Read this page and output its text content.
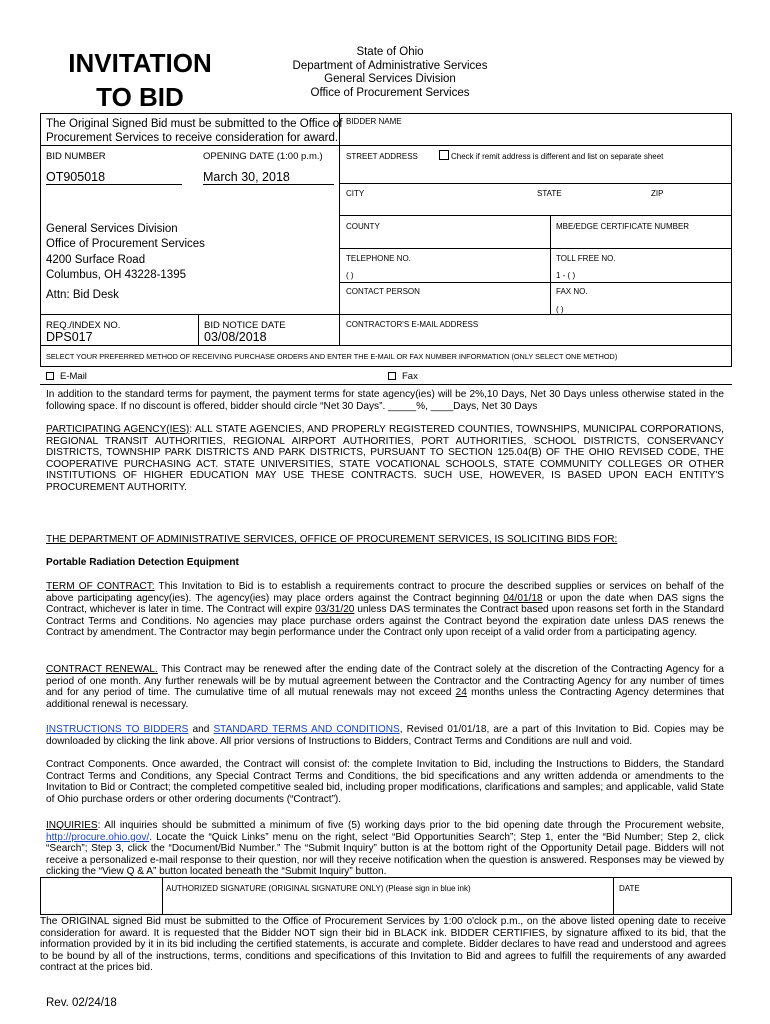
INVITATION
TO BID
State of Ohio
Department of Administrative Services
General Services Division
Office of Procurement Services
The Original Signed Bid must be submitted to the Office of
Procurement Services to receive consideration for award.
BID NUMBER	OPENING DATE (1:00 p.m.)
OT905018	March 30, 2018
General Services Division
Office of Procurement Services
4200 Surface Road
Columbus, OH 43228-1395
Attn: Bid Desk
REQ./INDEX NO.
DPS017
BID NOTICE DATE
03/08/2018
BIDDER NAME
STREET ADDRESS	Check if remit address is different and list on separate sheet
CITY	STATE	ZIP
COUNTY	MBE/EDGE CERTIFICATE NUMBER
TELEPHONE NO.
( )
TOLL FREE NO.
1 - ( )
CONTACT PERSON	FAX NO.
( )
CONTRACTOR'S E-MAIL ADDRESS
SELECT YOUR PREFERRED METHOD OF RECEIVING PURCHASE ORDERS AND ENTER THE E-MAIL OR FAX NUMBER INFORMATION (ONLY SELECT ONE METHOD)
E-Mail	Fax
In addition to the standard terms for payment, the payment terms for state agency(ies) will be 2%,10 Days, Net 30 Days unless otherwise stated in the following space. If no discount is offered, bidder should circle “Net 30 Days”. _____%, ____Days, Net 30 Days
PARTICIPATING AGENCY(IES): ALL STATE AGENCIES, AND PROPERLY REGISTERED COUNTIES, TOWNSHIPS, MUNICIPAL CORPORATIONS, REGIONAL TRANSIT AUTHORITIES, REGIONAL AIRPORT AUTHORITIES, PORT AUTHORITIES, SCHOOL DISTRICTS, CONSERVANCY DISTRICTS, TOWNSHIP PARK DISTRICTS AND PARK DISTRICTS, PURSUANT TO SECTION 125.04(B) OF THE OHIO REVISED CODE, THE COOPERATIVE PURCHASING ACT. STATE UNIVERSITIES, STATE VOCATIONAL SCHOOLS, STATE COMMUNITY COLLEGES OR OTHER INSTITUTIONS OF HIGHER EDUCATION MAY USE THESE CONTRACTS. SUCH USE, HOWEVER, IS BASED UPON EACH ENTITY'S PROCUREMENT AUTHORITY.
THE DEPARTMENT OF ADMINISTRATIVE SERVICES, OFFICE OF PROCUREMENT SERVICES, IS SOLICITING BIDS FOR:
Portable Radiation Detection Equipment
TERM OF CONTRACT: This Invitation to Bid is to establish a requirements contract to procure the described supplies or services on behalf of the above participating agency(ies). The agency(ies) may place orders against the Contract beginning 04/01/18 or upon the date when DAS signs the Contract, whichever is later in time. The Contract will expire 03/31/20 unless DAS terminates the Contract based upon reasons set forth in the Standard Contract Terms and Conditions. No agencies may place purchase orders against the Contract beyond the expiration date unless DAS renews the Contract by amendment. The Contractor may begin performance under the Contract only upon receipt of a valid order from a participating agency.
CONTRACT RENEWAL. This Contract may be renewed after the ending date of the Contract solely at the discretion of the Contracting Agency for a period of one month. Any further renewals will be by mutual agreement between the Contractor and the Contracting Agency for any number of times and for any period of time. The cumulative time of all mutual renewals may not exceed 24 months unless the Contracting Agency determines that additional renewal is necessary.
INSTRUCTIONS TO BIDDERS and STANDARD TERMS AND CONDITIONS, Revised 01/01/18, are a part of this Invitation to Bid. Copies may be downloaded by clicking the link above. All prior versions of Instructions to Bidders, Contract Terms and Conditions are null and void.
Contract Components. Once awarded, the Contract will consist of: the complete Invitation to Bid, including the Instructions to Bidders, the Standard Contract Terms and Conditions, any Special Contract Terms and Conditions, the bid specifications and any written addenda or amendments to the Invitation to Bid or Contract; the completed competitive sealed bid, including proper modifications, clarifications and samples; and applicable, valid State of Ohio purchase orders or other ordering documents (“Contract”).
INQUIRIES: All inquiries should be submitted a minimum of five (5) working days prior to the bid opening date through the Procurement website, http://procure.ohio.gov/. Locate the “Quick Links” menu on the right, select “Bid Opportunities Search”; Step 1, enter the “Bid Number; Step 2, click “Search”; Step 3, click the “Document/Bid Number.” The “Submit Inquiry” button is at the bottom right of the Opportunity Detail page. Bidders will not receive a personalized e-mail response to their question, nor will they receive notification when the question is answered. Responses may be viewed by clicking the “View Q & A” button located beneath the “Submit Inquiry” button.
AUTHORIZED SIGNATURE (ORIGINAL SIGNATURE ONLY) (Please sign in blue ink)	DATE
The ORIGINAL signed Bid must be submitted to the Office of Procurement Services by 1:00 o'clock p.m., on the above listed opening date to receive consideration for award. It is requested that the Bidder NOT sign their bid in BLACK ink. BIDDER CERTIFIES, by signature affixed to its bid, that the information provided by it in its bid including the certified statements, is accurate and complete. Bidder declares to have read and understood and agrees to be bound by all of the instructions, terms, conditions and specifications of this Invitation to Bid and agrees to fulfill the requirements of any awarded contract at the prices bid.
Rev. 02/24/18
